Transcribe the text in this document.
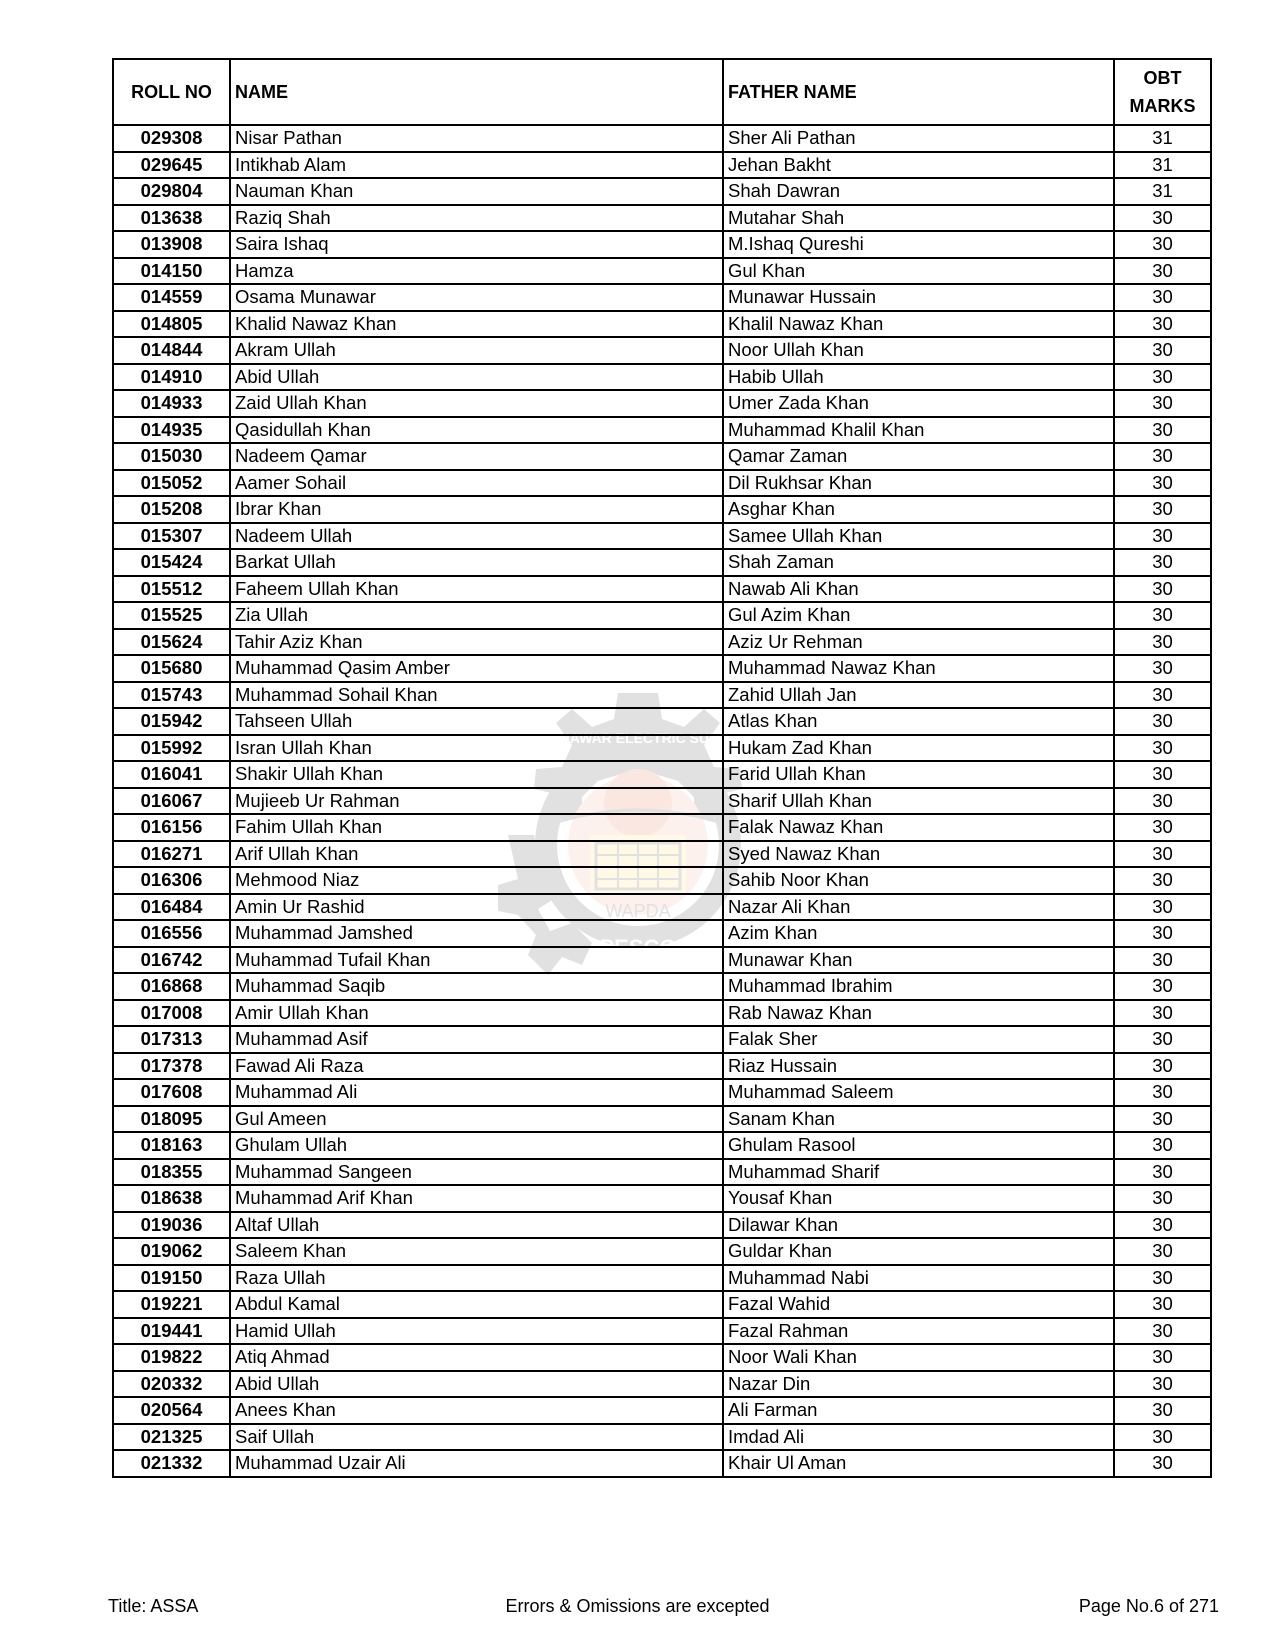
WAPDA
PESCO
PESHAWAR ELECTRIC SUPPLY
ROLL NO	NAME	FATHER NAME	OBT
MARKS
029308	Nisar Pathan	Sher Ali Pathan	31
029645	Intikhab Alam	Jehan Bakht	31
029804	Nauman Khan	Shah Dawran	31
013638	Raziq Shah	Mutahar Shah	30
013908	Saira Ishaq	M.Ishaq Qureshi	30
014150	Hamza	Gul Khan	30
014559	Osama Munawar	Munawar Hussain	30
014805	Khalid Nawaz Khan	Khalil Nawaz Khan	30
014844	Akram Ullah	Noor Ullah Khan	30
014910	Abid Ullah	Habib Ullah	30
014933	Zaid Ullah Khan	Umer Zada Khan	30
014935	Qasidullah Khan	Muhammad Khalil Khan	30
015030	Nadeem Qamar	Qamar Zaman	30
015052	Aamer Sohail	Dil Rukhsar Khan	30
015208	Ibrar Khan	Asghar Khan	30
015307	Nadeem Ullah	Samee Ullah Khan	30
015424	Barkat Ullah	Shah Zaman	30
015512	Faheem Ullah Khan	Nawab Ali Khan	30
015525	Zia Ullah	Gul Azim Khan	30
015624	Tahir Aziz Khan	Aziz Ur Rehman	30
015680	Muhammad Qasim Amber	Muhammad Nawaz Khan	30
015743	Muhammad Sohail Khan	Zahid Ullah Jan	30
015942	Tahseen Ullah	Atlas Khan	30
015992	Isran Ullah Khan	Hukam Zad Khan	30
016041	Shakir Ullah Khan	Farid Ullah Khan	30
016067	Mujieeb Ur Rahman	Sharif Ullah Khan	30
016156	Fahim Ullah Khan	Falak Nawaz Khan	30
016271	Arif Ullah Khan	Syed Nawaz Khan	30
016306	Mehmood Niaz	Sahib Noor Khan	30
016484	Amin Ur Rashid	Nazar Ali Khan	30
016556	Muhammad Jamshed	Azim Khan	30
016742	Muhammad Tufail Khan	Munawar Khan	30
016868	Muhammad Saqib	Muhammad Ibrahim	30
017008	Amir Ullah Khan	Rab Nawaz Khan	30
017313	Muhammad Asif	Falak Sher	30
017378	Fawad Ali Raza	Riaz Hussain	30
017608	Muhammad Ali	Muhammad Saleem	30
018095	Gul Ameen	Sanam Khan	30
018163	Ghulam Ullah	Ghulam Rasool	30
018355	Muhammad Sangeen	Muhammad Sharif	30
018638	Muhammad Arif Khan	Yousaf Khan	30
019036	Altaf Ullah	Dilawar Khan	30
019062	Saleem Khan	Guldar Khan	30
019150	Raza Ullah	Muhammad Nabi	30
019221	Abdul Kamal	Fazal Wahid	30
019441	Hamid Ullah	Fazal Rahman	30
019822	Atiq Ahmad	Noor Wali Khan	30
020332	Abid Ullah	Nazar Din	30
020564	Anees Khan	Ali Farman	30
021325	Saif Ullah	Imdad Ali	30
021332	Muhammad Uzair Ali	Khair Ul Aman	30
Title: ASSA	Errors & Omissions are excepted	Page No.6 of 271
